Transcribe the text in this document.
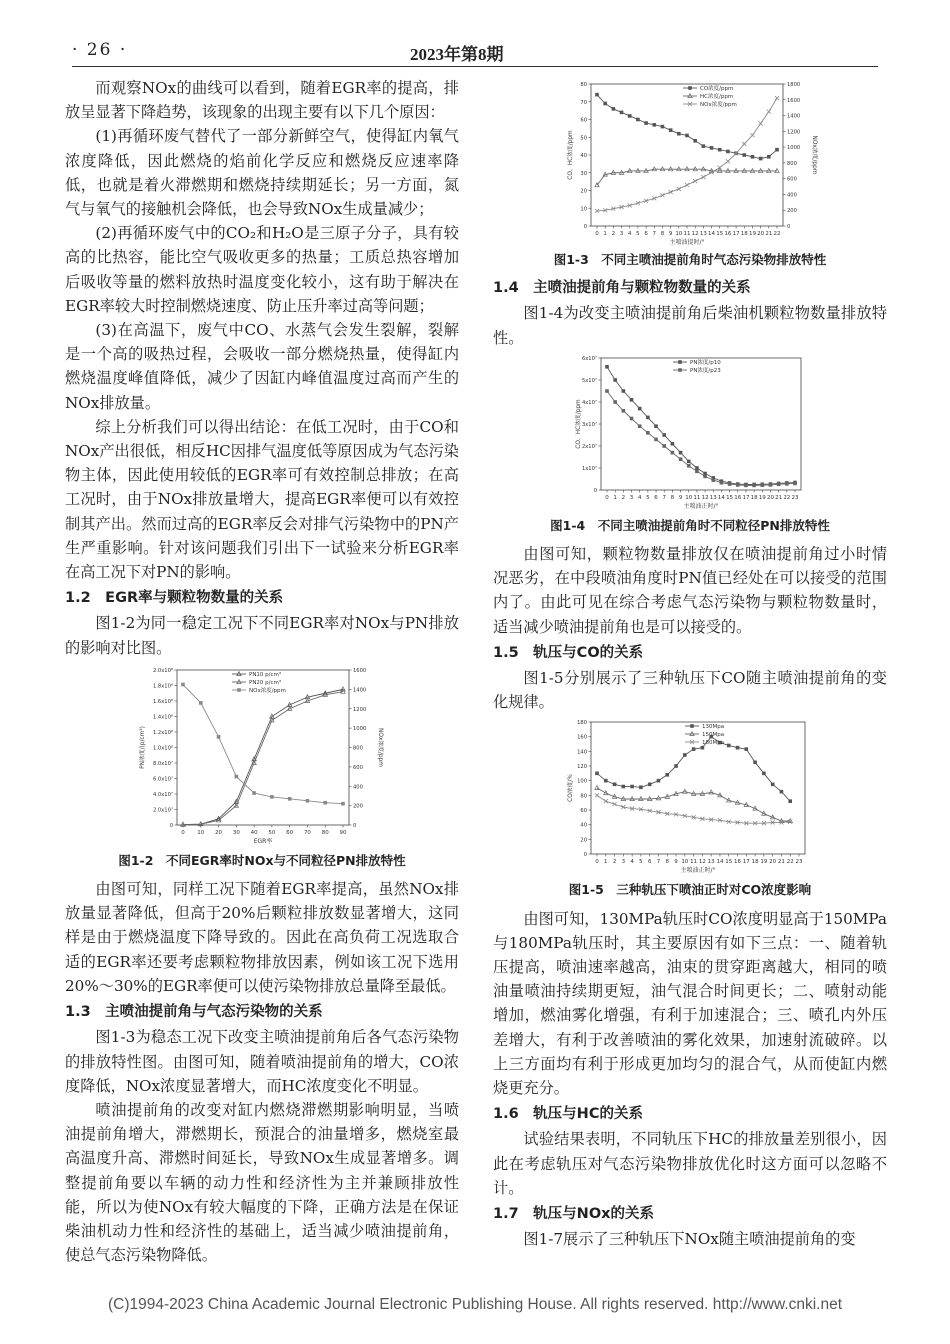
· 26 ·	2023年第8期

而观察NOx的曲线可以看到，随着EGR率的提高，排放呈显著下降趋势，该现象的出现主要有以下几个原因：

(1)再循环废气替代了一部分新鲜空气，使得缸内氧气浓度降低，因此燃烧的焰前化学反应和燃烧反应速率降低，也就是着火滞燃期和燃烧持续期延长；另一方面，氮气与氧气的接触机会降低，也会导致NOx生成量减少；

(2)再循环废气中的CO₂和H₂O是三原子分子，具有较高的比热容，能比空气吸收更多的热量；工质总热容增加后吸收等量的燃料放热时温度变化较小，这有助于解决在EGR率较大时控制燃烧速度、防止压升率过高等问题；

(3)在高温下，废气中CO、水蒸气会发生裂解，裂解是一个高的吸热过程，会吸收一部分燃烧热量，使得缸内燃烧温度峰值降低，减少了因缸内峰值温度过高而产生的NOx排放量。

综上分析我们可以得出结论：在低工况时，由于CO和NOx产出很低，相反HC因排气温度低等原因成为气态污染物主体，因此使用较低的EGR率可有效控制总排放；在高工况时，由于NOx排放量增大，提高EGR率便可以有效控制其产出。然而过高的EGR率反会对排气污染物中的PN产生严重影响。针对该问题我们引出下一试验来分析EGR率在高工况下对PN的影响。

1.2　EGR率与颗粒物数量的关系

图1-2为同一稳定工况下不同EGR率对NOx与PN排放的影响对比图。

0 10 20 30 40 50 60 70 80 90
EGR率
0
2.0x10⁷
4.0x10⁷
6.0x10⁷
8.0x10⁷
1.0x10⁸
1.2x10⁸
1.4x10⁸
1.6x10⁸
1.8x10⁸
2.0x10⁸
PN浓度/(p/cm³)
0
200
400
600
800
1000
1200
1400
1600
NOx浓度/ppm
PN10 p/cm³
PN20 p/cm³
NOx浓度/ppm
图1-2　不同EGR率时NOx与不同粒径PN排放特性

由图可知，同样工况下随着EGR率提高，虽然NOx排放量显著降低，但高于20%后颗粒排放数显著增大，这同样是由于燃烧温度下降导致的。因此在高负荷工况选取合适的EGR率还要考虑颗粒物排放因素，例如该工况下选用20%～30%的EGR率便可以使污染物排放总量降至最低。

1.3　主喷油提前角与气态污染物的关系

图1-3为稳态工况下改变主喷油提前角后各气态污染物的排放特性图。由图可知，随着喷油提前角的增大，CO浓度降低，NOx浓度显著增大，而HC浓度变化不明显。

喷油提前角的改变对缸内燃烧滞燃期影响明显，当喷油提前角增大，滞燃期长，预混合的油量增多，燃烧室最高温度升高、滞燃时间延长，导致NOx生成显著增多。调整提前角要以车辆的动力性和经济性为主并兼顾排放性能，所以为使NOx有较大幅度的下降，正确方法是在保证柴油机动力性和经济性的基础上，适当减少喷油提前角，使总气态污染物降低。

0 1 2 3 4 5 6 7 8 9 10 11 12 13 14 15 16 17 18 19 20 21 22
主喷油提时/°
0
10
20
30
40
50
60
70
80
CO、HC浓度/ppm
0
200
400
600
800
1000
1200
1400
1600
1800
NOx浓度/ppm
CO浓度/ppm
HC浓度/ppm
NOx浓度/ppm
图1-3　不同主喷油提前角时气态污染物排放特性
1.4　主喷油提前角与颗粒物数量的关系

图1-4为改变主喷油提前角后柴油机颗粒物数量排放特性。

0 1 2 3 4 5 6 7 8 9 10 11 12 13 14 15 16 17 18 19 20 21 22 23
主喷油正时/°
0
1x10⁷
2x10⁷
3x10⁷
4x10⁷
5x10⁷
6x10⁷
CO、HC浓度/ppm
PN浓度/p10
PN浓度/p23
图1-4　不同主喷油提前角时不同粒径PN排放特性

由图可知，颗粒物数量排放仅在喷油提前角过小时情况恶劣，在中段喷油角度时PN值已经处在可以接受的范围内了。由此可见在综合考虑气态污染物与颗粒物数量时，适当减少喷油提前角也是可以接受的。

1.5　轨压与CO的关系

图1-5分别展示了三种轨压下CO随主喷油提前角的变化规律。

0 1 2 3 4 5 6 7 8 9 10 11 12 13 14 15 16 17 18 19 20 21 22 23
主喷油正时/°
0
20
40
60
80
100
120
140
160
180
CO浓度/%
130Mpa
150Mpa
180Mpa
图1-5　三种轨压下喷油正时对CO浓度影响

由图可知，130MPa轨压时CO浓度明显高于150MPa与180MPa轨压时，其主要原因有如下三点：一、随着轨压提高，喷油速率越高，油束的贯穿距离越大，相同的喷油量喷油持续期更短，油气混合时间更长；二、喷射动能增加，燃油雾化增强，有利于加速混合；三、喷孔内外压差增大，有利于改善喷油的雾化效果，加速射流破碎。以上三方面均有利于形成更加均匀的混合气，从而使缸内燃烧更充分。

1.6　轨压与HC的关系

试验结果表明，不同轨压下HC的排放量差别很小，因此在考虑轨压对气态污染物排放优化时这方面可以忽略不计。

1.7　轨压与NOx的关系

图1-7展示了三种轨压下NOx随主喷油提前角的变

(C)1994-2023 China Academic Journal Electronic Publishing House. All rights reserved. http://www.cnki.net
